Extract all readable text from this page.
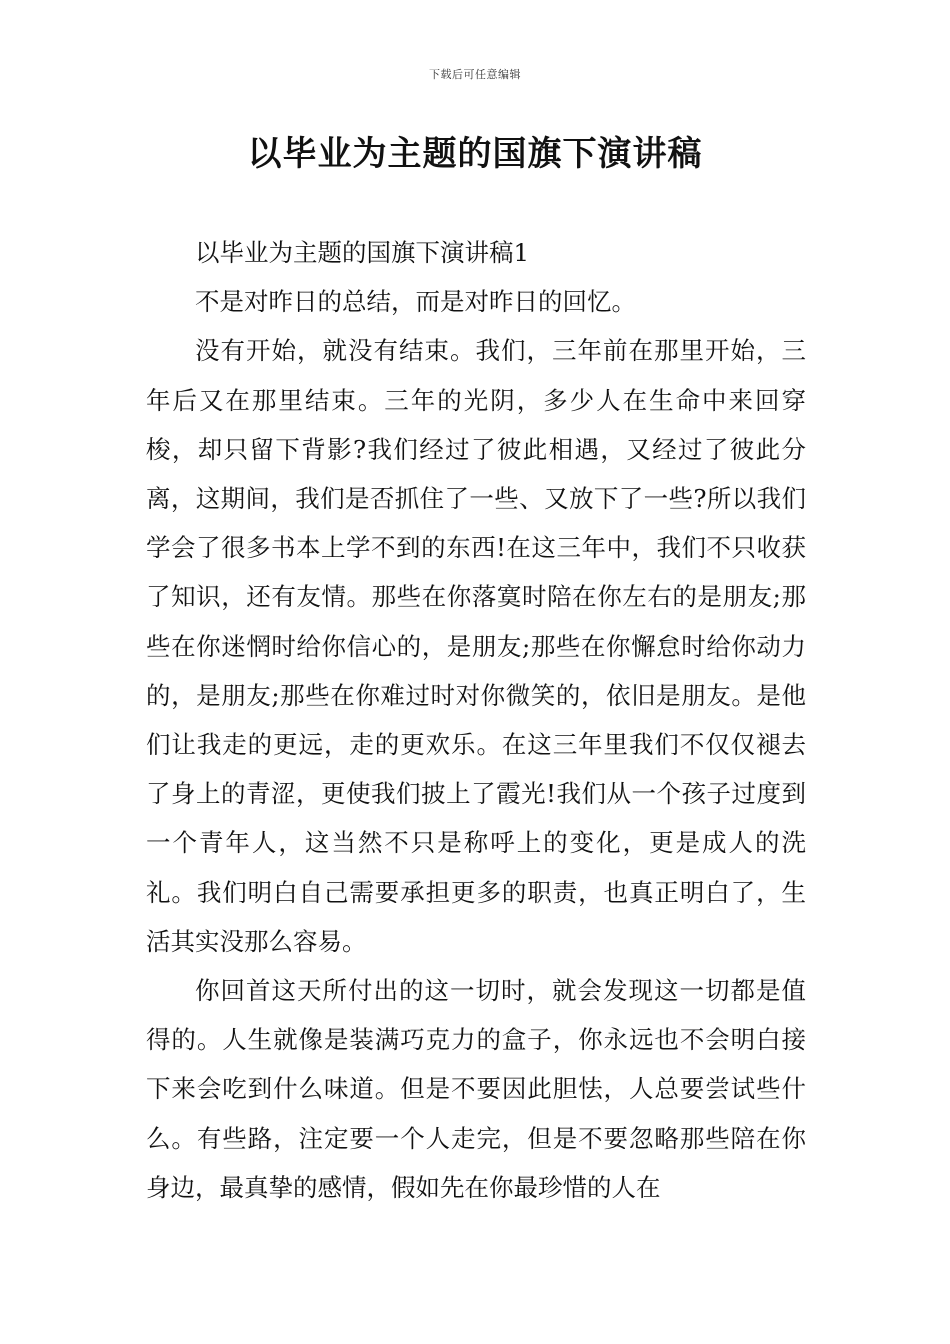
下载后可任意编辑
以毕业为主题的国旗下演讲稿

以毕业为主题的国旗下演讲稿1

不是对昨日的总结，而是对昨日的回忆。

没有开始，就没有结束。我们，三年前在那里开始，三年后又在那里结束。三年的光阴，多少人在生命中来回穿梭，却只留下背影?我们经过了彼此相遇，又经过了彼此分离，这期间，我们是否抓住了一些、又放下了一些?所以我们学会了很多书本上学不到的东西!在这三年中，我们不只收获了知识，还有友情。那些在你落寞时陪在你左右的是朋友;那些在你迷惘时给你信心的，是朋友;那些在你懈怠时给你动力的，是朋友;那些在你难过时对你微笑的，依旧是朋友。是他们让我走的更远，走的更欢乐。在这三年里我们不仅仅褪去了身上的青涩，更使我们披上了霞光!我们从一个孩子过度到一个青年人，这当然不只是称呼上的变化，更是成人的洗礼。我们明白自己需要承担更多的职责，也真正明白了，生活其实没那么容易。

你回首这天所付出的这一切时，就会发现这一切都是值得的。人生就像是装满巧克力的盒子，你永远也不会明白接下来会吃到什么味道。但是不要因此胆怯，人总要尝试些什么。有些路，注定要一个人走完，但是不要忽略那些陪在你身边，最真挚的感情，假如先在你最珍惜的人在
